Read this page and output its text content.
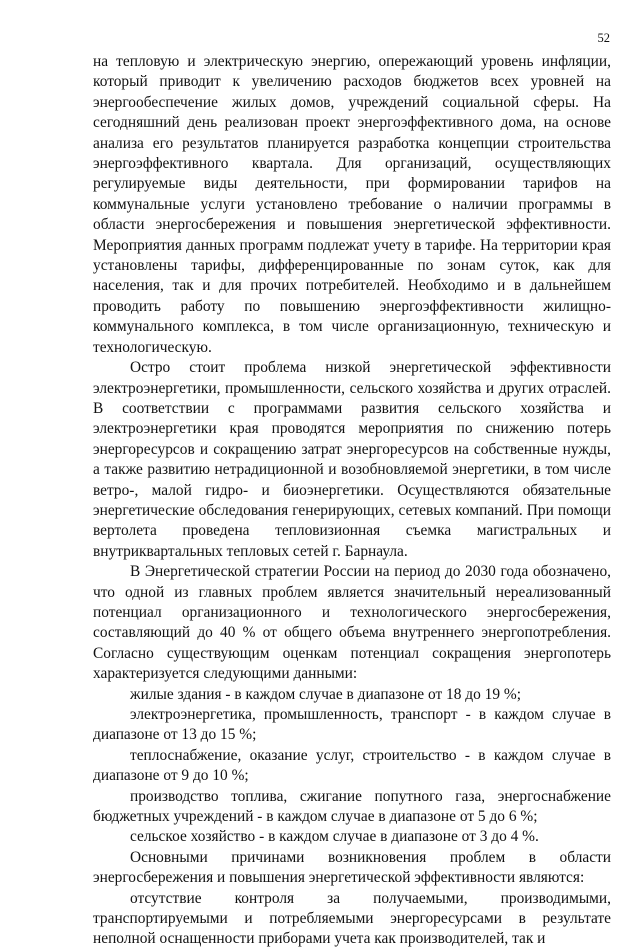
52

на тепловую и электрическую энергию, опережающий уровень инфляции, который приводит к увеличению расходов бюджетов всех уровней на энергообеспечение жилых домов, учреждений социальной сферы. На сегодняшний день реализован проект энергоэффективного дома, на основе анализа его результатов планируется разработка концепции строительства энергоэффективного квартала. Для организаций, осуществляющих регулируемые виды деятельности, при формировании тарифов на коммунальные услуги установлено требование о наличии программы в области энергосбережения и повышения энергетической эффективности. Мероприятия данных программ подлежат учету в тарифе. На территории края установлены тарифы, дифференцированные по зонам суток, как для населения, так и для прочих потребителей. Необходимо и в дальнейшем проводить работу по повышению энергоэффективности жилищно-коммунального комплекса, в том числе организационную, техническую и технологическую.

Остро стоит проблема низкой энергетической эффективности электроэнергетики, промышленности, сельского хозяйства и других отраслей. В соответствии с программами развития сельского хозяйства и электроэнергетики края проводятся мероприятия по снижению потерь энергоресурсов и сокращению затрат энергоресурсов на собственные нужды, а также развитию нетрадиционной и возобновляемой энергетики, в том числе ветро-, малой гидро- и биоэнергетики. Осуществляются обязательные энергетические обследования генерирующих, сетевых компаний. При помощи вертолета проведена тепловизионная съемка магистральных и внутриквартальных тепловых сетей г. Барнаула.

В Энергетической стратегии России на период до 2030 года обозначено, что одной из главных проблем является значительный нереализованный потенциал организационного и технологического энергосбережения, составляющий до 40 % от общего объема внутреннего энергопотребления. Согласно существующим оценкам потенциал сокращения энергопотерь характеризуется следующими данными:

жилые здания - в каждом случае в диапазоне от 18 до 19 %;

электроэнергетика, промышленность, транспорт - в каждом случае в диапазоне от 13 до 15 %;

теплоснабжение, оказание услуг, строительство - в каждом случае в диапазоне от 9 до 10 %;

производство топлива, сжигание попутного газа, энергоснабжение бюджетных учреждений - в каждом случае в диапазоне от 5 до 6 %;

сельское хозяйство - в каждом случае в диапазоне от 3 до 4 %.

Основными причинами возникновения проблем в области энергосбережения и повышения энергетической эффективности являются:

отсутствие контроля за получаемыми, производимыми, транспортируемыми и потребляемыми энергоресурсами в результате неполной оснащенности приборами учета как производителей, так и
